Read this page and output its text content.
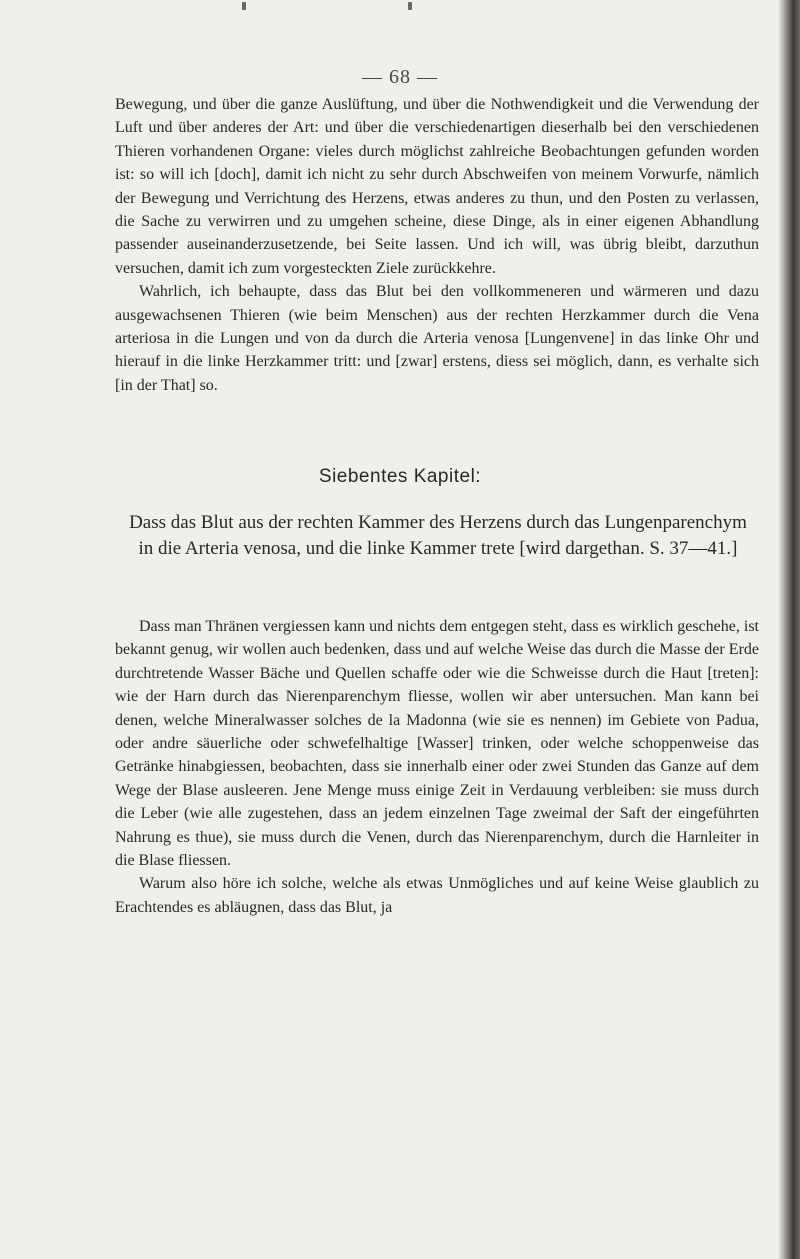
— 68 —

Bewegung, und über die ganze Auslüftung, und über die Nothwendigkeit und die Verwendung der Luft und über anderes der Art: und über die verschiedenartigen dieserhalb bei den verschiedenen Thieren vorhandenen Organe: vieles durch möglichst zahlreiche Beobachtungen gefunden worden ist: so will ich [doch], damit ich nicht zu sehr durch Abschweifen von meinem Vorwurfe, nämlich der Bewegung und Verrichtung des Herzens, etwas anderes zu thun, und den Posten zu verlassen, die Sache zu verwirren und zu umgehen scheine, diese Dinge, als in einer eigenen Abhandlung passender auseinanderzusetzende, bei Seite lassen. Und ich will, was übrig bleibt, darzuthun versuchen, damit ich zum vorgesteckten Ziele zurückkehre.

Wahrlich, ich behaupte, dass das Blut bei den vollkommeneren und wärmeren und dazu ausgewachsenen Thieren (wie beim Menschen) aus der rechten Herzkammer durch die Vena arteriosa in die Lungen und von da durch die Arteria venosa [Lungenvene] in das linke Ohr und hierauf in die linke Herzkammer tritt: und [zwar] erstens, diess sei möglich, dann, es verhalte sich [in der That] so.

Siebentes Kapitel:
Dass das Blut aus der rechten Kammer des Herzens durch das Lungenparenchym in die Arteria venosa, und die linke Kammer trete [wird dargethan. S. 37—41.]

Dass man Thränen vergiessen kann und nichts dem entgegen steht, dass es wirklich geschehe, ist bekannt genug, wir wollen auch bedenken, dass und auf welche Weise das durch die Masse der Erde durchtretende Wasser Bäche und Quellen schaffe oder wie die Schweisse durch die Haut [treten]: wie der Harn durch das Nierenparenchym fliesse, wollen wir aber untersuchen. Man kann bei denen, welche Mineralwasser solches de la Madonna (wie sie es nennen) im Gebiete von Padua, oder andre säuerliche oder schwefelhaltige [Wasser] trinken, oder welche schoppenweise das Getränke hinabgiessen, beobachten, dass sie innerhalb einer oder zwei Stunden das Ganze auf dem Wege der Blase ausleeren. Jene Menge muss einige Zeit in Verdauung verbleiben: sie muss durch die Leber (wie alle zugestehen, dass an jedem einzelnen Tage zweimal der Saft der eingeführten Nahrung es thue), sie muss durch die Venen, durch das Nierenparenchym, durch die Harnleiter in die Blase fliessen.

Warum also höre ich solche, welche als etwas Unmögliches und auf keine Weise glaublich zu Erachtendes es abläugnen, dass das Blut, ja
